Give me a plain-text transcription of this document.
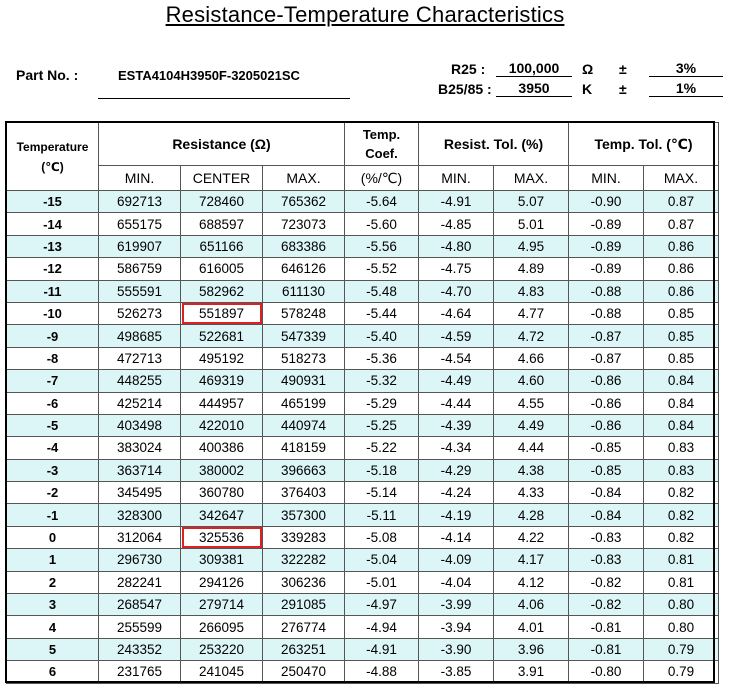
Resistance-Temperature Characteristics
Part No. :	ESTA4104H3950F-3205021SC	R25 :	100,000	Ω ±	3%
B25/85 :	3950	K ±	1%
Temperature
(℃)	Resistance (Ω)			Temp.
Coef.	Resist. Tol. (%)		Temp. Tol. (℃)	
	MIN.	CENTER	MAX.	(%/℃)	MIN.	MAX.	MIN.	MAX.
-15	692713	728460	765362	-5.64	-4.91	5.07	-0.90	0.87
-14	655175	688597	723073	-5.60	-4.85	5.01	-0.89	0.87
-13	619907	651166	683386	-5.56	-4.80	4.95	-0.89	0.86
-12	586759	616005	646126	-5.52	-4.75	4.89	-0.89	0.86
-11	555591	582962	611130	-5.48	-4.70	4.83	-0.88	0.86
-10	526273	551897	578248	-5.44	-4.64	4.77	-0.88	0.85
-9	498685	522681	547339	-5.40	-4.59	4.72	-0.87	0.85
-8	472713	495192	518273	-5.36	-4.54	4.66	-0.87	0.85
-7	448255	469319	490931	-5.32	-4.49	4.60	-0.86	0.84
-6	425214	444957	465199	-5.29	-4.44	4.55	-0.86	0.84
-5	403498	422010	440974	-5.25	-4.39	4.49	-0.86	0.84
-4	383024	400386	418159	-5.22	-4.34	4.44	-0.85	0.83
-3	363714	380002	396663	-5.18	-4.29	4.38	-0.85	0.83
-2	345495	360780	376403	-5.14	-4.24	4.33	-0.84	0.82
-1	328300	342647	357300	-5.11	-4.19	4.28	-0.84	0.82
0	312064	325536	339283	-5.08	-4.14	4.22	-0.83	0.82
1	296730	309381	322282	-5.04	-4.09	4.17	-0.83	0.81
2	282241	294126	306236	-5.01	-4.04	4.12	-0.82	0.81
3	268547	279714	291085	-4.97	-3.99	4.06	-0.82	0.80
4	255599	266095	276774	-4.94	-3.94	4.01	-0.81	0.80
5	243352	253220	263251	-4.91	-3.90	3.96	-0.81	0.79
6	231765	241045	250470	-4.88	-3.85	3.91	-0.80	0.79
